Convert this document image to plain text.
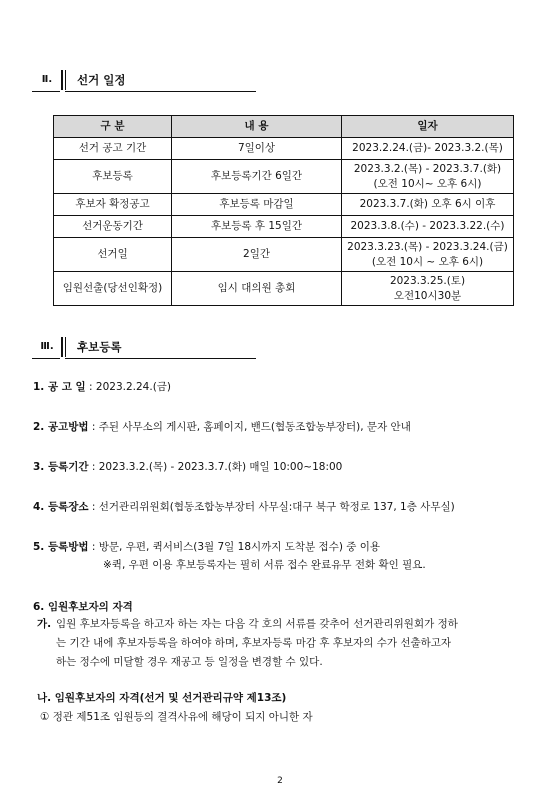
Ⅱ.	선거 일정
구 분	내 용	일자
선거 공고 기간	7일이상	2023.2.24.(금)- 2023.3.2.(목)
후보등록	후보등록기간 6일간	2023.3.2.(목) - 2023.3.7.(화)
(오전 10시~ 오후 6시)

후보자 확정공고	후보등록 마감일	2023.3.7.(화) 오후 6시 이후
선거운동기간	후보등록 후 15일간	2023.3.8.(수) - 2023.3.22.(수)
선거일	2일간	2023.3.23.(목) - 2023.3.24.(금)
(오전 10시 ~ 오후 6시)

임원선출(당선인확정)	임시 대의원 총회	2023.3.25.(토)
오전10시30분
Ⅲ.	후보등록
1. 공 고 일 : 2023.2.24.(금)
2. 공고방법 : 주된 사무소의 게시판, 홈페이지, 밴드(협동조합농부장터), 문자 안내
3. 등록기간 : 2023.3.2.(목) - 2023.3.7.(화) 매일 10:00~18:00
4. 등록장소 : 선거관리위원회(협동조합농부장터 사무실:대구 북구 학정로 137, 1층 사무실)
5. 등록방법 : 방문, 우편, 퀵서비스(3월 7일 18시까지 도착분 접수) 중 이용
※퀵, 우편 이용 후보등록자는 필히 서류 접수 완료유무 전화 확인 필요.
6. 임원후보자의 자격
가. 임원 후보자등록을 하고자 하는 자는 다음 각 호의 서류를 갖추어 선거관리위원회가 정하
는 기간 내에 후보자등록을 하여야 하며, 후보자등록 마감 후 후보자의 수가 선출하고자
하는 정수에 미달할 경우 재공고 등 일정을 변경할 수 있다.
나. 임원후보자의 자격(선거 및 선거관리규약 제13조)
① 정관 제51조 임원등의 결격사유에 해당이 되지 아니한 자
2
